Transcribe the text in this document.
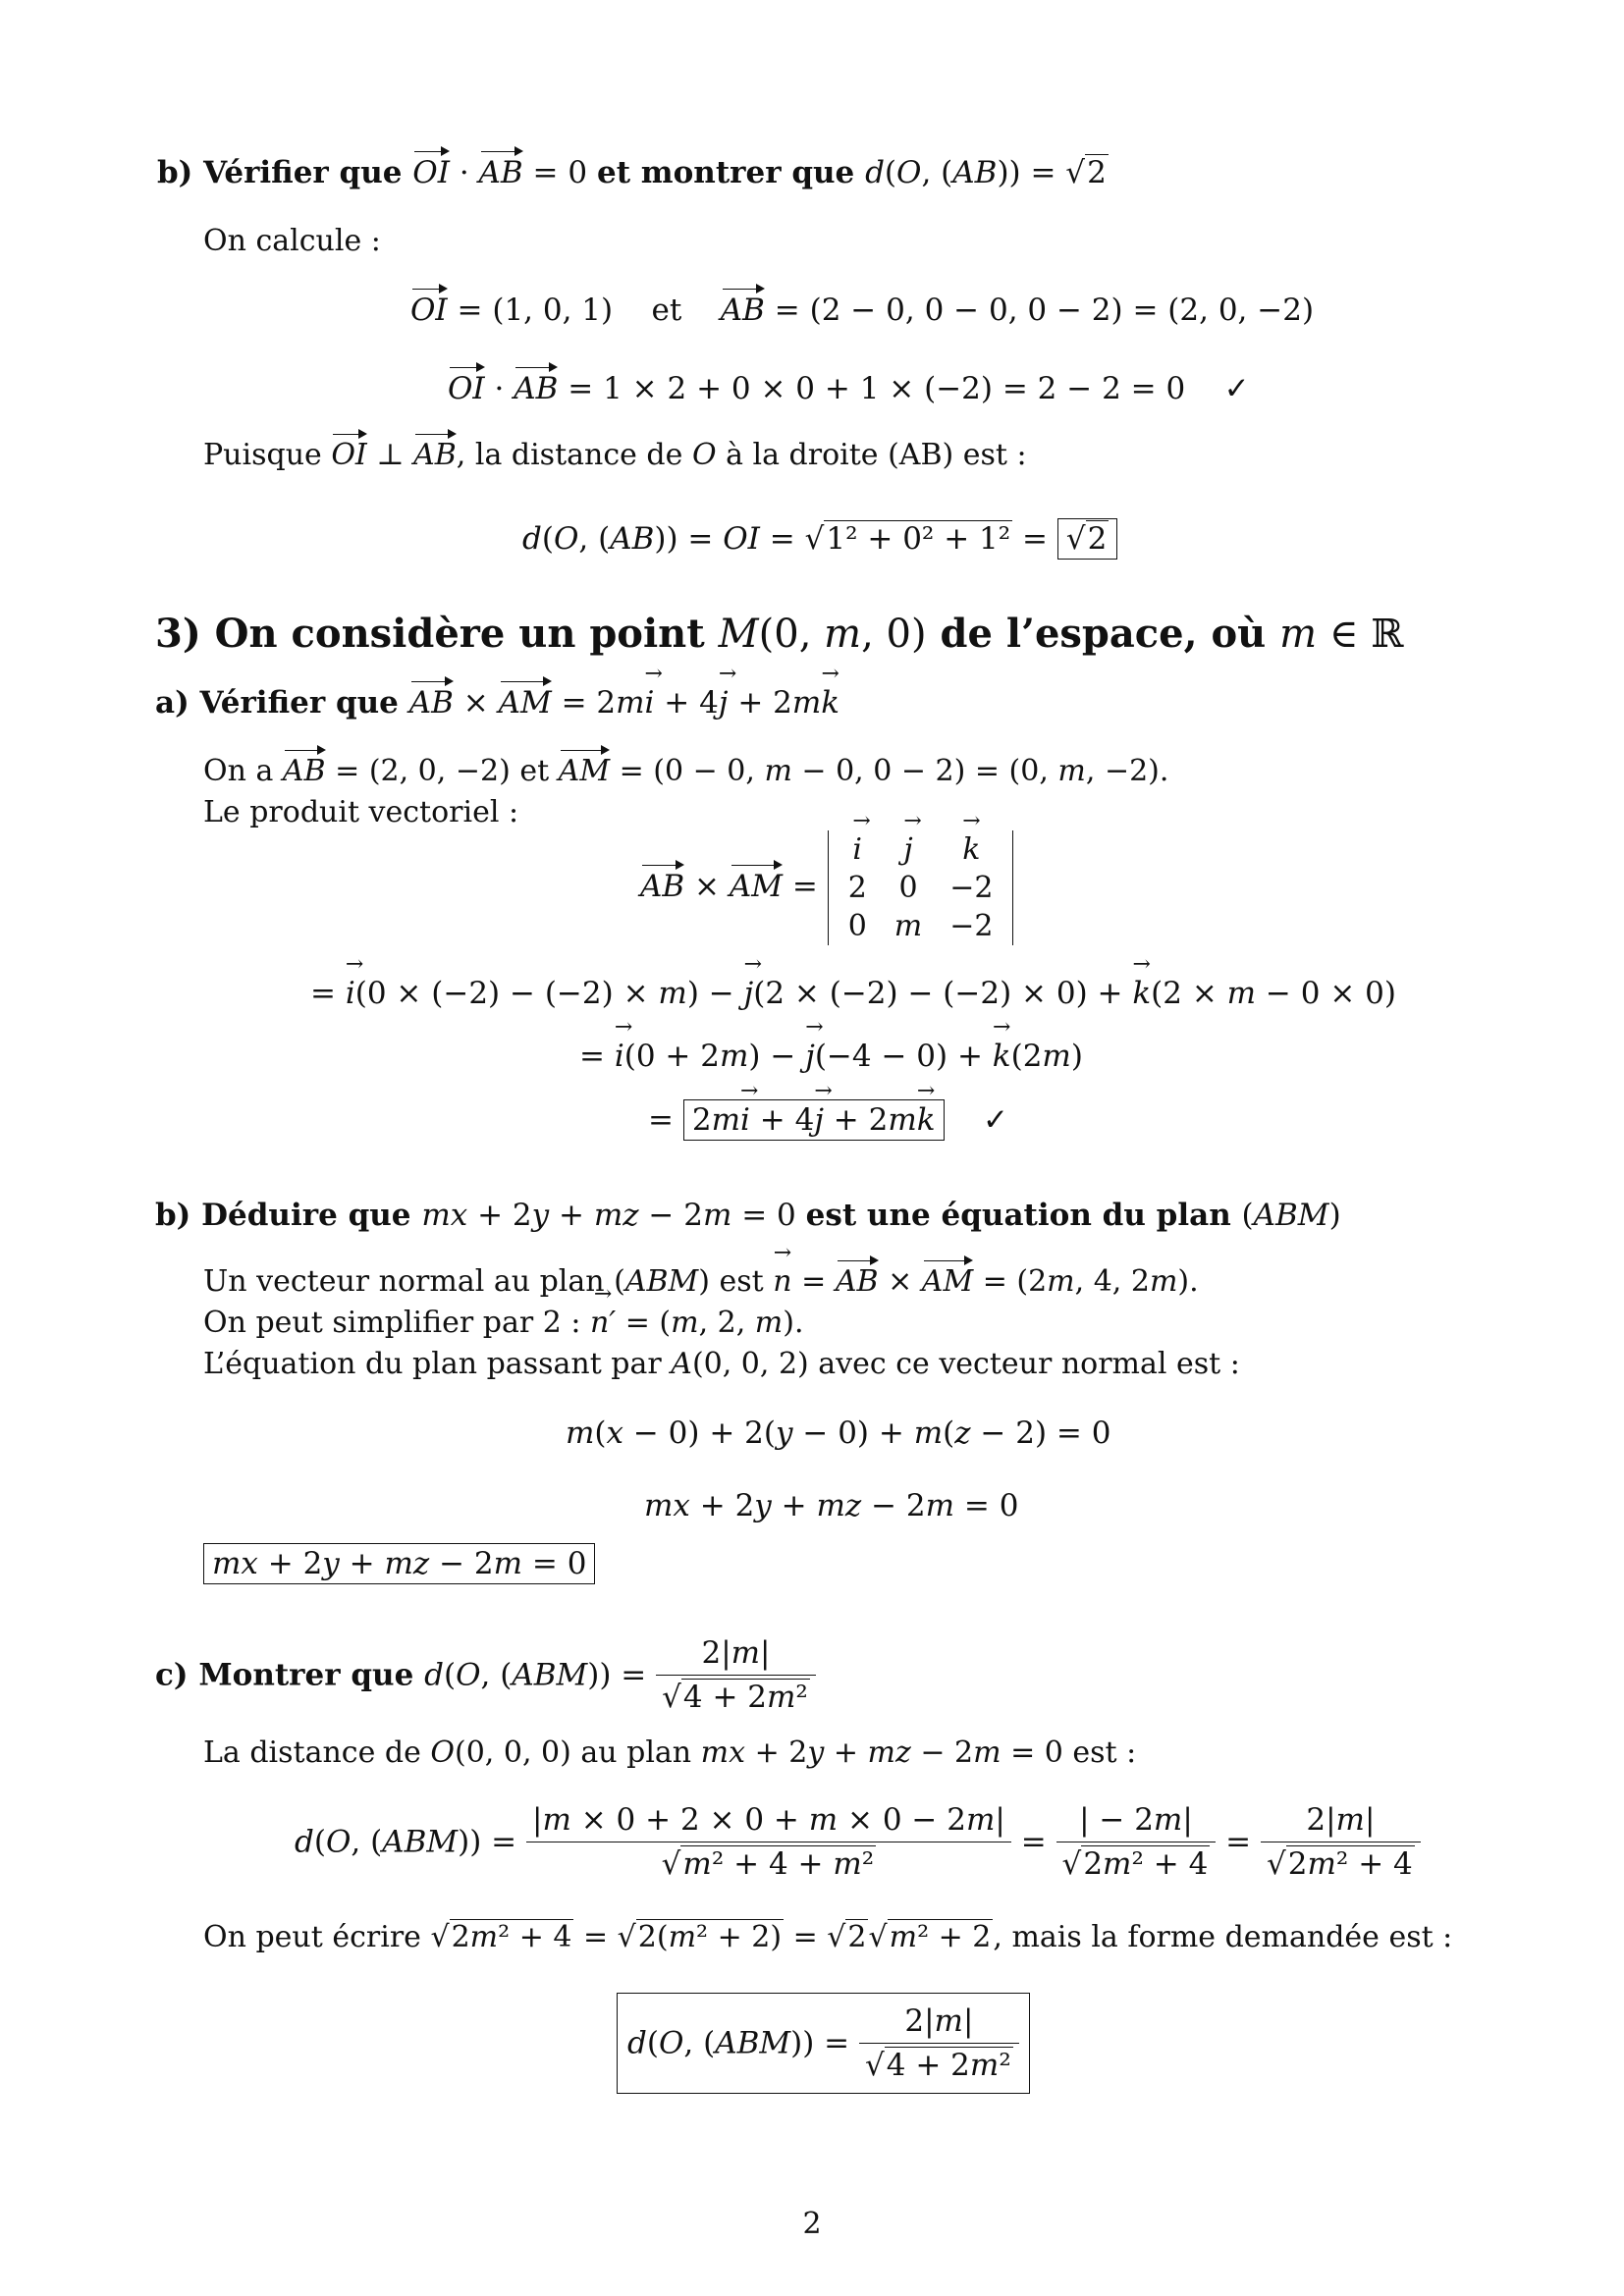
b) Vérifier que OI · AB = 0 et montrer que d(O, (AB)) = √2
On calcule :
OI = (1, 0, 1)    et AB = (2 − 0, 0 − 0, 0 − 2) = (2, 0, −2)
OI · AB = 1 × 2 + 0 × 0 + 1 × (−2) = 2 − 2 = 0    ✓
Puisque OI ⊥ AB, la distance de O à la droite (AB) est :
d(O, (AB)) = OI = √1² + 0² + 1² = √2
3) On considère un point M(0, m, 0) de l’espace, où m ∈ ℝ
a) Vérifier que AB × AM = 2mi → + 4j → + 2mk →
On a AB = (2, 0, −2) et AM = (0 − 0, m − 0, 0 − 2) = (0, m, −2).
Le produit vectoriel :
AB × AM =
i →	j →	k →
2	0	−2
0	m	−2
= i →(0 × (−2) − (−2) × m) − j →(2 × (−2) − (−2) × 0) + k →(2 × m − 0 × 0)
= i →(0 + 2m) − j →(−4 − 0) + k →(2m)
= 2mi → + 4j → + 2mk → ✓
b) Déduire que mx + 2y + mz − 2m = 0 est une équation du plan (ABM)
Un vecteur normal au plan (ABM) est n → = AB × AM = (2m, 4, 2m).
On peut simplifier par 2 : n′ → = (m, 2, m).
L’équation du plan passant par A(0, 0, 2) avec ce vecteur normal est :
m(x − 0) + 2(y − 0) + m(z − 2) = 0
mx + 2y + mz − 2m = 0
mx + 2y + mz − 2m = 0
c) Montrer que d(O, $(ABM)) = \frac{2|m|}{\text{√4 + 2m²}}$
La distance de O(0, 0, 0) au plan mx + 2y + mz − 2m = 0 est :
d(O, $(ABM)) = \frac{|m \times 0 + 2 \times 0 + m \times 0 - 2m|}{\text{√m² + 4 + m²}} = \frac{| - 2m|}{\text{√2m² + 4}} = \frac{2|m|}{\text{√2m² + 4}}$
On peut écrire √2m² + 4 = √2(m² + 2) = √2√m² + 2, mais la forme demandée est :
d(O, $(ABM)) = \frac{2|m|}{\text{√4 + 2m²}}$
2
